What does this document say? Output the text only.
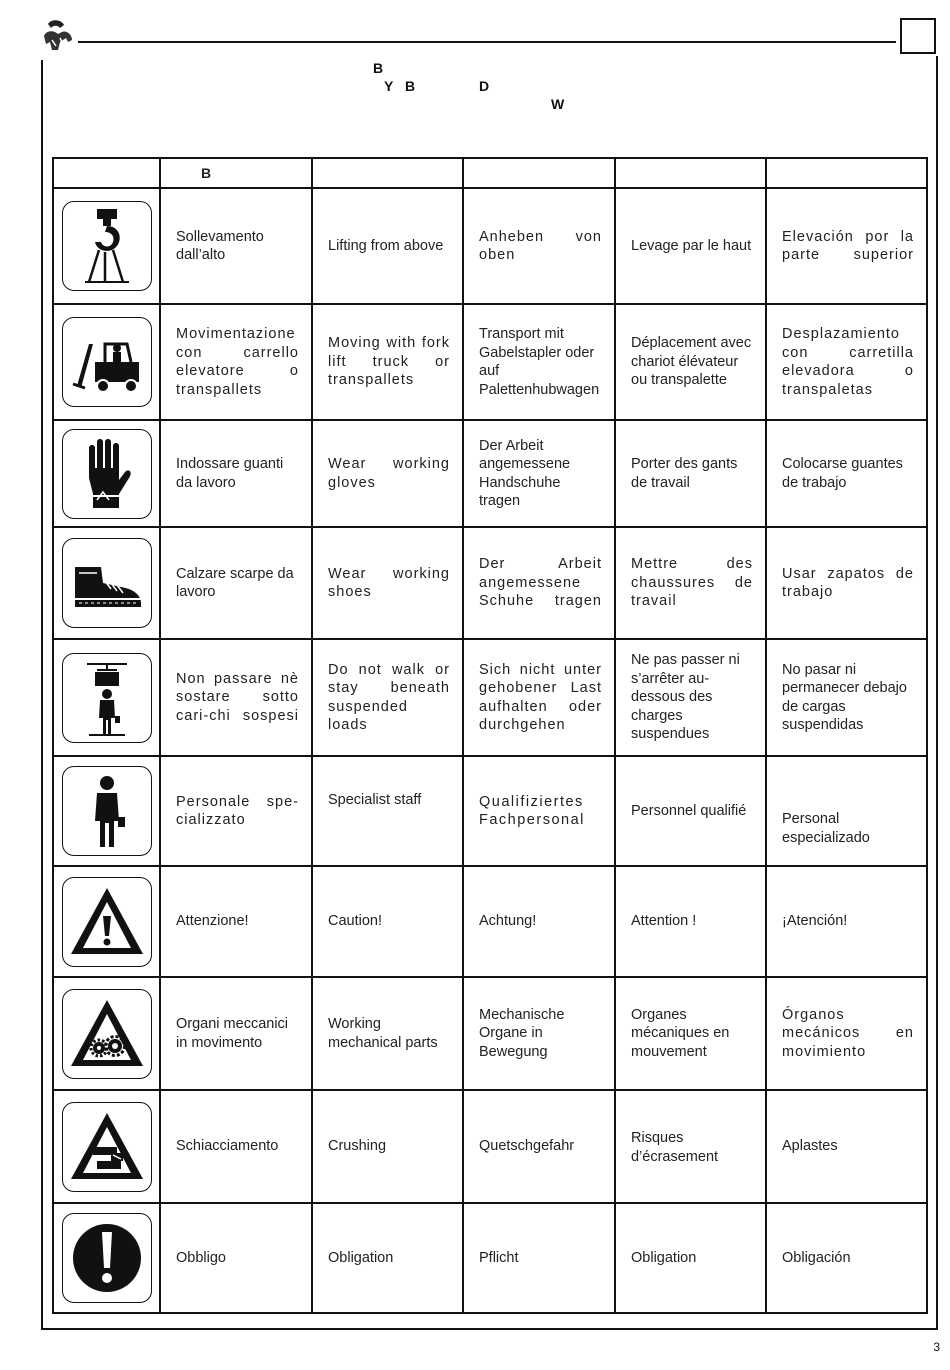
B
Y B	D
W
	B				

	Sollevamento dall’alto	Lifting from above	Anheben von oben	Levage par le haut	Elevación por la parte superior

	Movimentazione con carrello elevatore o transpallets	Moving with fork lift truck or transpallets	Transport mit Gabelstapler oder auf Palettenhubwagen	Déplacement avec chariot élévateur ou transpalette	Desplazamiento con carretilla elevadora o transpaletas

	Indossare guanti da lavoro	Wear working gloves	Der Arbeit angemessene Handschuhe tragen	Porter des gants de travail	Colocarse guantes de trabajo

	Calzare scarpe da lavoro	Wear working shoes	Der Arbeit angemessene Schuhe tragen	Mettre des chaussures de travail	Usar zapatos de trabajo

	Non passare nè sostare sotto cari-chi sospesi	Do not walk or stay beneath suspended loads	Sich nicht unter gehobener Last aufhalten oder durchgehen	Ne pas passer ni s’arrêter au-dessous des charges suspendues	No pasar ni permanecer debajo de cargas suspendidas

	Personale spe-cializzato	Specialist staff	Qualifiziertes Fachpersonal	Personnel qualifié	Personal especializado

	Attenzione!	Caution!	Achtung!	Attention !	¡Atención!

	Organi meccanici in movimento	Working mechanical parts	Mechanische Organe in Bewegung	Organes mécaniques en mouvement	Órganos mecánicos en movimiento

	Schiacciamento	Crushing	Quetschgefahr	Risques d’écrasement	Aplastes

	Obbligo	Obligation	Pflicht	Obligation	Obligación
3
